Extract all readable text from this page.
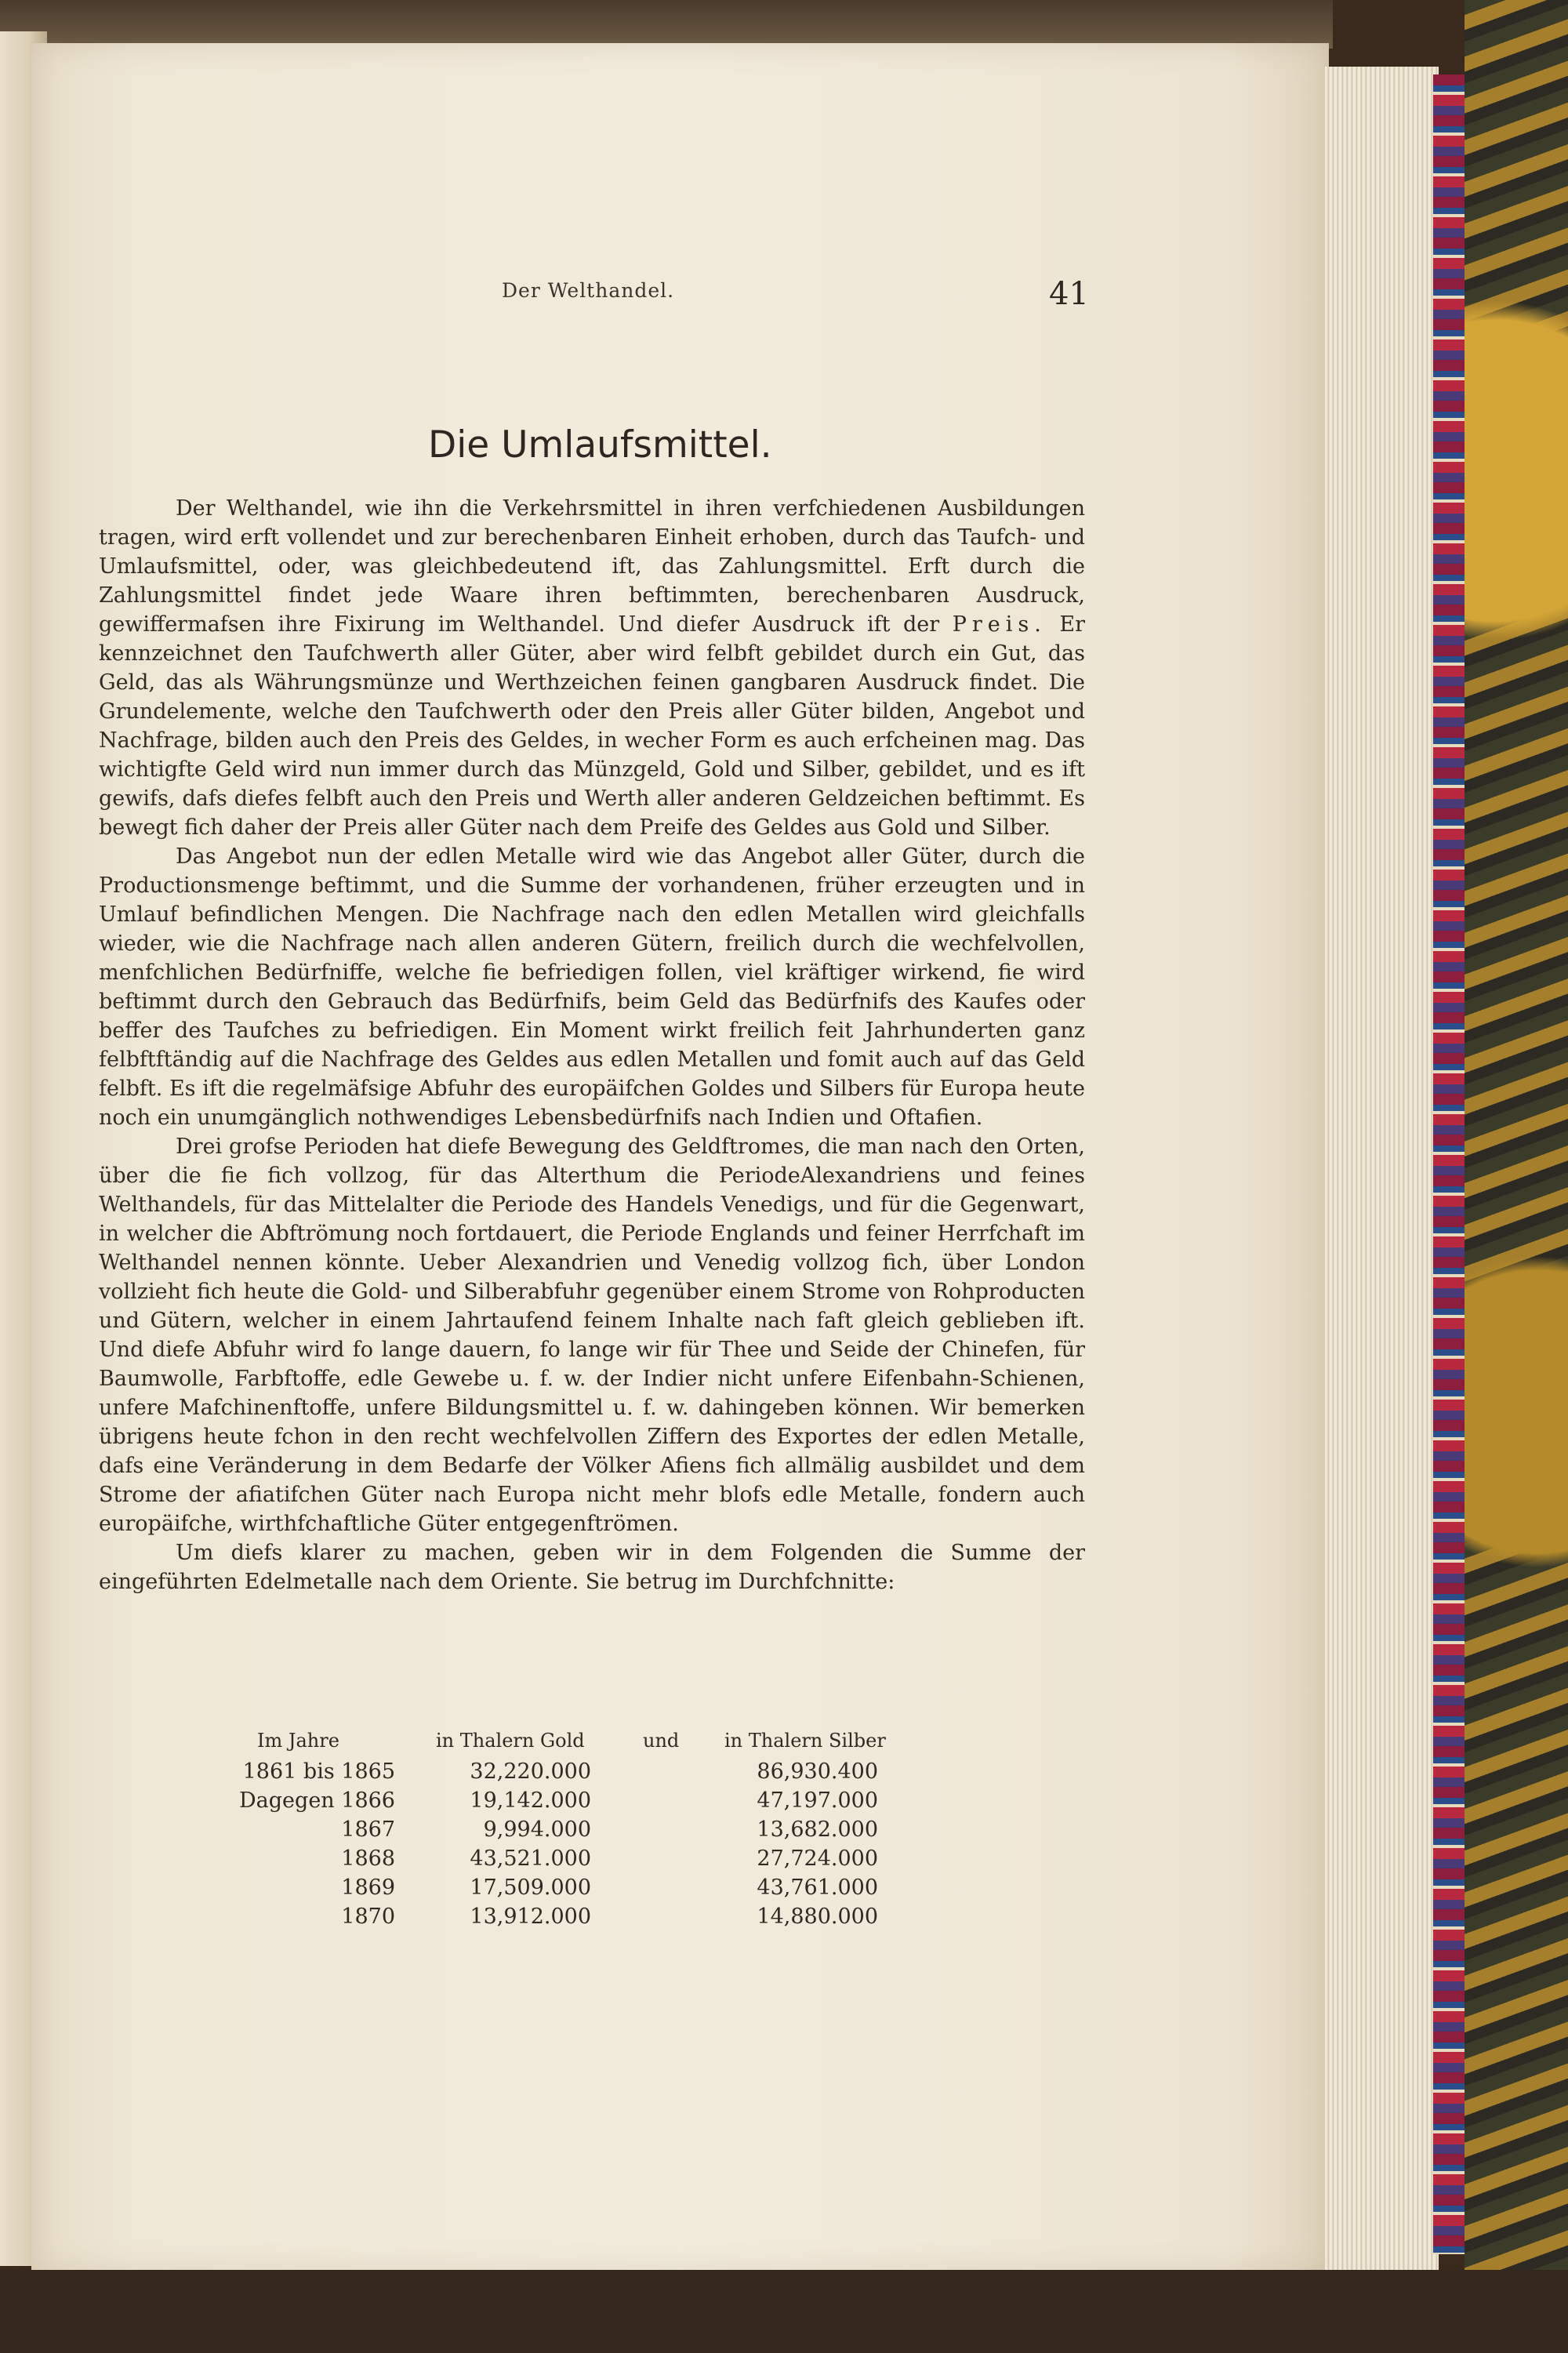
Der Welthandel.	41
Die Umlaufsmittel.

Der Welthandel, wie ihn die Verkehrsmittel in ihren verfchiedenen Ausbildungen tragen, wird erft vollendet und zur berechenbaren Einheit erhoben, durch das Taufch- und Umlaufsmittel, oder, was gleichbedeutend ift, das Zahlungsmittel. Erft durch die Zahlungsmittel findet jede Waare ihren beftimmten, berechenbaren Ausdruck, gewiffermafsen ihre Fixirung im Welthandel. Und diefer Ausdruck ift der Preis. Er kennzeichnet den Taufchwerth aller Güter, aber wird felbft gebildet durch ein Gut, das Geld, das als Währungsmünze und Werthzeichen feinen gangbaren Ausdruck findet. Die Grundelemente, welche den Taufchwerth oder den Preis aller Güter bilden, Angebot und Nachfrage, bilden auch den Preis des Geldes, in wecher Form es auch erfcheinen mag. Das wichtigfte Geld wird nun immer durch das Münzgeld, Gold und Silber, gebildet, und es ift gewifs, dafs diefes felbft auch den Preis und Werth aller anderen Geldzeichen beftimmt. Es bewegt fich daher der Preis aller Güter nach dem Preife des Geldes aus Gold und Silber.

Das Angebot nun der edlen Metalle wird wie das Angebot aller Güter, durch die Productionsmenge beftimmt, und die Summe der vorhandenen, früher erzeugten und in Umlauf befindlichen Mengen. Die Nachfrage nach den edlen Metallen wird gleichfalls wieder, wie die Nachfrage nach allen anderen Gütern, freilich durch die wechfelvollen, menfchlichen Bedürfniffe, welche fie befriedigen follen, viel kräftiger wirkend, fie wird beftimmt durch den Gebrauch das Bedürfnifs, beim Geld das Bedürfnifs des Kaufes oder beffer des Taufches zu befriedigen. Ein Moment wirkt freilich feit Jahrhunderten ganz felbftftändig auf die Nachfrage des Geldes aus edlen Metallen und fomit auch auf das Geld felbft. Es ift die regelmäfsige Abfuhr des europäifchen Goldes und Silbers für Europa heute noch ein unumgänglich nothwendiges Lebensbedürfnifs nach Indien und Oftafien.

Drei grofse Perioden hat diefe Bewegung des Geldftromes, die man nach den Orten, über die fie fich vollzog, für das Alterthum die PeriodeAlexandriens und feines Welthandels, für das Mittelalter die Periode des Handels Venedigs, und für die Gegenwart, in welcher die Abftrömung noch fortdauert, die Periode Englands und feiner Herrfchaft im Welthandel nennen könnte. Ueber Alexandrien und Venedig vollzog fich, über London vollzieht fich heute die Gold- und Silberabfuhr gegenüber einem Strome von Rohproducten und Gütern, welcher in einem Jahrtaufend feinem Inhalte nach faft gleich geblieben ift. Und diefe Abfuhr wird fo lange dauern, fo lange wir für Thee und Seide der Chinefen, für Baumwolle, Farbftoffe, edle Gewebe u. f. w. der Indier nicht unfere Eifenbahn-Schienen, unfere Mafchinenftoffe, unfere Bildungsmittel u. f. w. dahingeben können. Wir bemerken übrigens heute fchon in den recht wechfelvollen Ziffern des Exportes der edlen Metalle, dafs eine Veränderung in dem Bedarfe der Völker Afiens fich allmälig ausbildet und dem Strome der afiatifchen Güter nach Europa nicht mehr blofs edle Metalle, fondern auch europäifche, wirthfchaftliche Güter entgegenftrömen.

Um diefs klarer zu machen, geben wir in dem Folgenden die Summe der eingeführten Edelmetalle nach dem Oriente. Sie betrug im Durchfchnitte:

Im Jahre	in Thalern Gold	und in Thalern Silber
1861 bis 1865	32,220.000	86,930.400
Dagegen 1866	19,142.000	47,197.000
1867	9,994.000	13,682.000
1868	43,521.000	27,724.000
1869	17,509.000	43,761.000
1870	13,912.000	14,880.000
